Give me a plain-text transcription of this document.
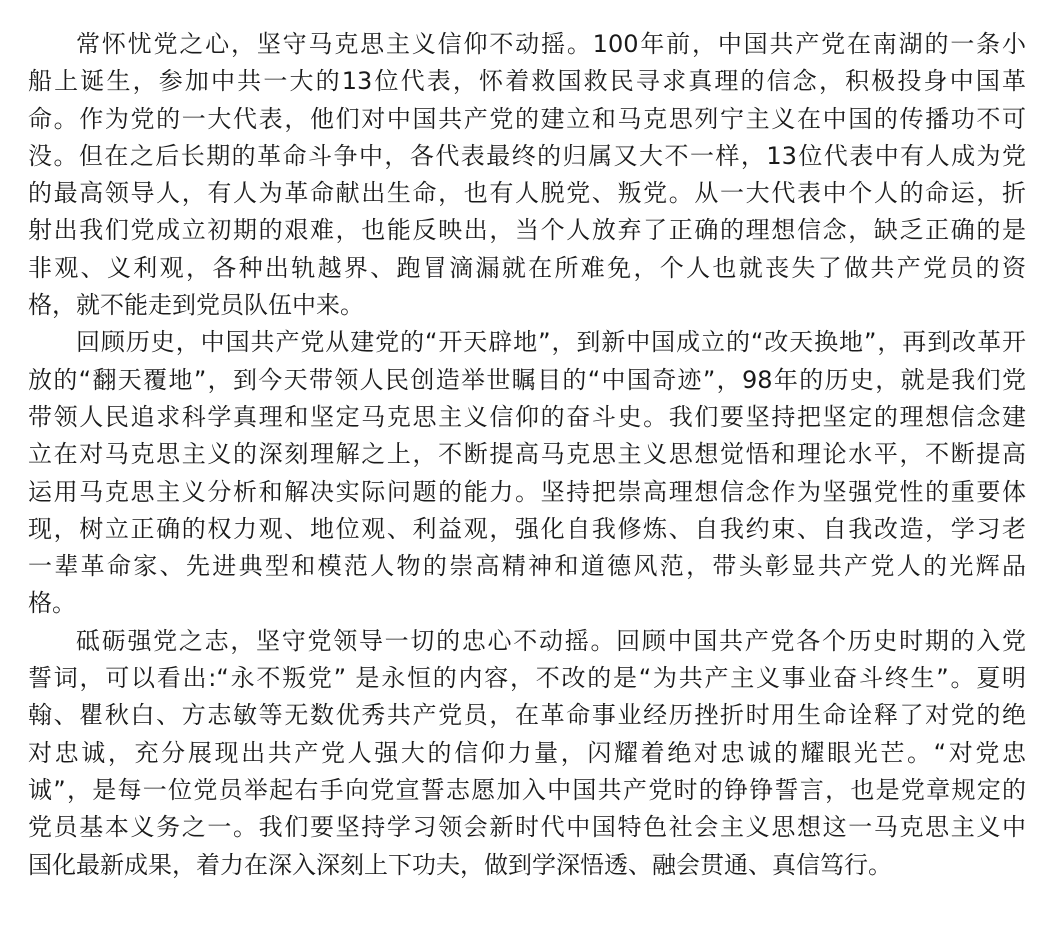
常怀忧党之心，坚守马克思主义信仰不动摇。100年前，中国共产党在南湖的一条小
船上诞生，参加中共一大的13位代表，怀着救国救民寻求真理的信念，积极投身中国革
命。作为党的一大代表，他们对中国共产党的建立和马克思列宁主义在中国的传播功不可
没。但在之后长期的革命斗争中，各代表最终的归属又大不一样，13位代表中有人成为党
的最高领导人，有人为革命献出生命，也有人脱党、叛党。从一大代表中个人的命运，折
射出我们党成立初期的艰难，也能反映出，当个人放弃了正确的理想信念，缺乏正确的是
非观、义利观，各种出轨越界、跑冒滴漏就在所难免，个人也就丧失了做共产党员的资
格，就不能走到党员队伍中来。

回顾历史，中国共产党从建党的“开天辟地”，到新中国成立的“改天换地”，再到改革开
放的“翻天覆地”，到今天带领人民创造举世瞩目的“中国奇迹”，98年的历史，就是我们党
带领人民追求科学真理和坚定马克思主义信仰的奋斗史。我们要坚持把坚定的理想信念建
立在对马克思主义的深刻理解之上，不断提高马克思主义思想觉悟和理论水平，不断提高
运用马克思主义分析和解决实际问题的能力。坚持把崇高理想信念作为坚强党性的重要体
现，树立正确的权力观、地位观、利益观，强化自我修炼、自我约束、自我改造，学习老
一辈革命家、先进典型和模范人物的崇高精神和道德风范，带头彰显共产党人的光辉品
格。

砥砺强党之志，坚守党领导一切的忠心不动摇。回顾中国共产党各个历史时期的入党
誓词，可以看出:“永不叛党” 是永恒的内容，不改的是“为共产主义事业奋斗终生”。夏明
翰、瞿秋白、方志敏等无数优秀共产党员，在革命事业经历挫折时用生命诠释了对党的绝
对忠诚，充分展现出共产党人强大的信仰力量，闪耀着绝对忠诚的耀眼光芒。“对党忠
诚”，是每一位党员举起右手向党宣誓志愿加入中国共产党时的铮铮誓言，也是党章规定的
党员基本义务之一。我们要坚持学习领会新时代中国特色社会主义思想这一马克思主义中
国化最新成果，着力在深入深刻上下功夫，做到学深悟透、融会贯通、真信笃行。
